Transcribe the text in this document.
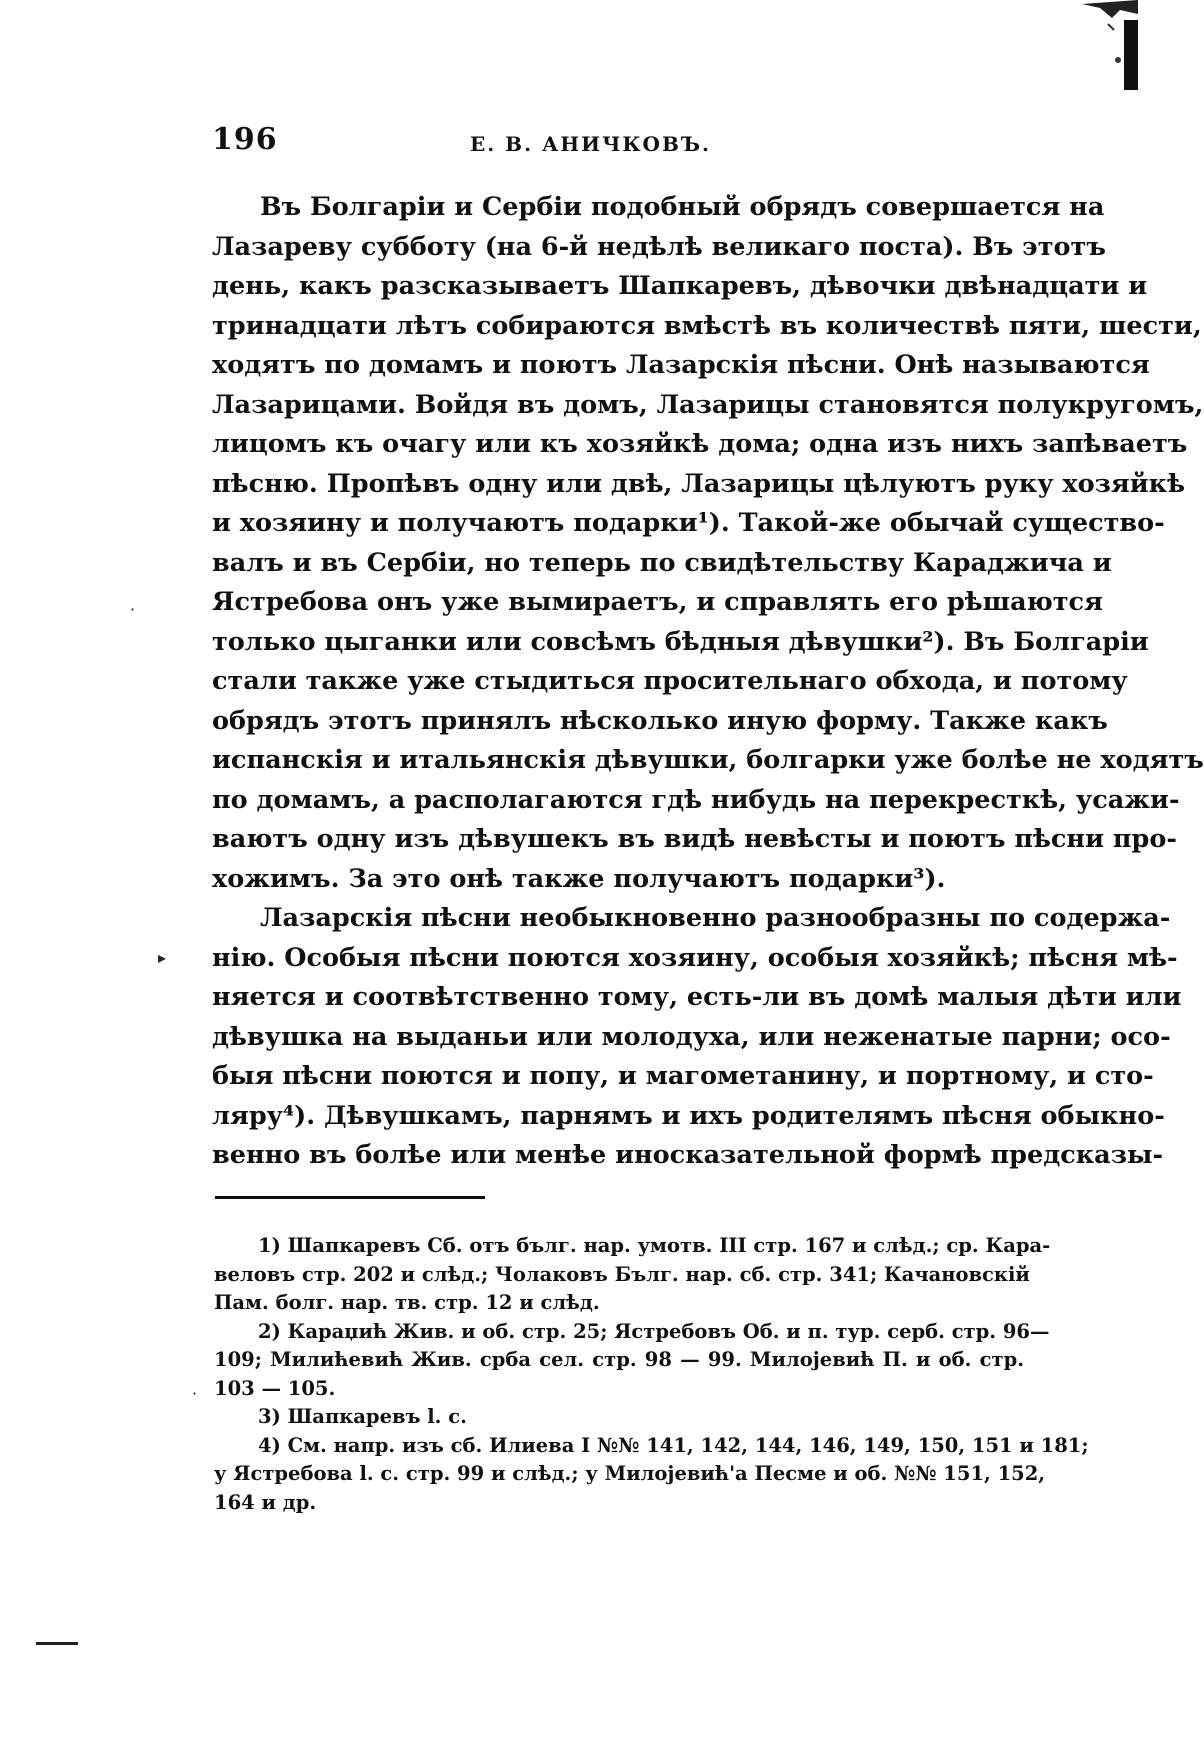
196	Е. В. АНИЧКОВЪ.
Въ Болгаріи и Сербіи подобный обрядъ совершается на
Лазареву субботу (на 6-й недѣлѣ великаго поста). Въ этотъ
день, какъ разсказываетъ Шапкаревъ, дѣвочки двѣнадцати и
тринадцати лѣтъ собираются вмѣстѣ въ количествѣ пяти, шести,
ходятъ по домамъ и поютъ Лазарскія пѣсни. Онѣ называются
Лазарицами. Войдя въ домъ, Лазарицы становятся полукругомъ,
лицомъ къ очагу или къ хозяйкѣ дома; одна изъ нихъ запѣваетъ
пѣсню. Пропѣвъ одну или двѣ, Лазарицы цѣлуютъ руку хозяйкѣ
и хозяину и получаютъ подарки¹). Такой-же обычай существо-
валъ и въ Сербіи, но теперь по свидѣтельству Караджича и
Ястребова онъ уже вымираетъ, и справлять его рѣшаются
только цыганки или совсѣмъ бѣдныя дѣвушки²). Въ Болгаріи
стали также уже стыдиться просительнаго обхода, и потому
обрядъ этотъ принялъ нѣсколько иную форму. Также какъ
испанскія и итальянскія дѣвушки, болгарки уже болѣе не ходятъ
по домамъ, а располагаются гдѣ нибудь на перекресткѣ, усажи-
ваютъ одну изъ дѣвушекъ въ видѣ невѣсты и поютъ пѣсни про-
хожимъ. За это онѣ также получаютъ подарки³).
Лазарскія пѣсни необыкновенно разнообразны по содержа-
нію. Особыя пѣсни поются хозяину, особыя хозяйкѣ; пѣсня мѣ-
няется и соотвѣтственно тому, есть-ли въ домѣ малыя дѣти или
дѣвушка на выданьи или молодуха, или неженатые парни; осо-
быя пѣсни поются и попу, и магометанину, и портному, и сто-
ляру⁴). Дѣвушкамъ, парнямъ и ихъ родителямъ пѣсня обыкно-
венно въ болѣе или менѣе иносказательной формѣ предсказы-
1) Шапкаревъ Сб. отъ бълг. нар. умотв. III стр. 167 и слѣд.; ср. Кара-
веловъ стр. 202 и слѣд.; Чолаковъ Бълг. нар. сб. стр. 341; Качановскій
Пам. болг. нар. тв. стр. 12 и слѣд.
2) Караџић Жив. и об. стр. 25; Ястребовъ Об. и п. тур. серб. стр. 96—
109; Милићевић Жив. срба сел. стр. 98 — 99. Милојевић П. и об. стр.
103 — 105.
3) Шапкаревъ l. с.
4) См. напр. изъ сб. Илиева I №№ 141, 142, 144, 146, 149, 150, 151 и 181;
у Ястребова l. с. стр. 99 и слѣд.; у Милојевић'а Песме и об. №№ 151, 152,
164 и др.
·
▸
·
